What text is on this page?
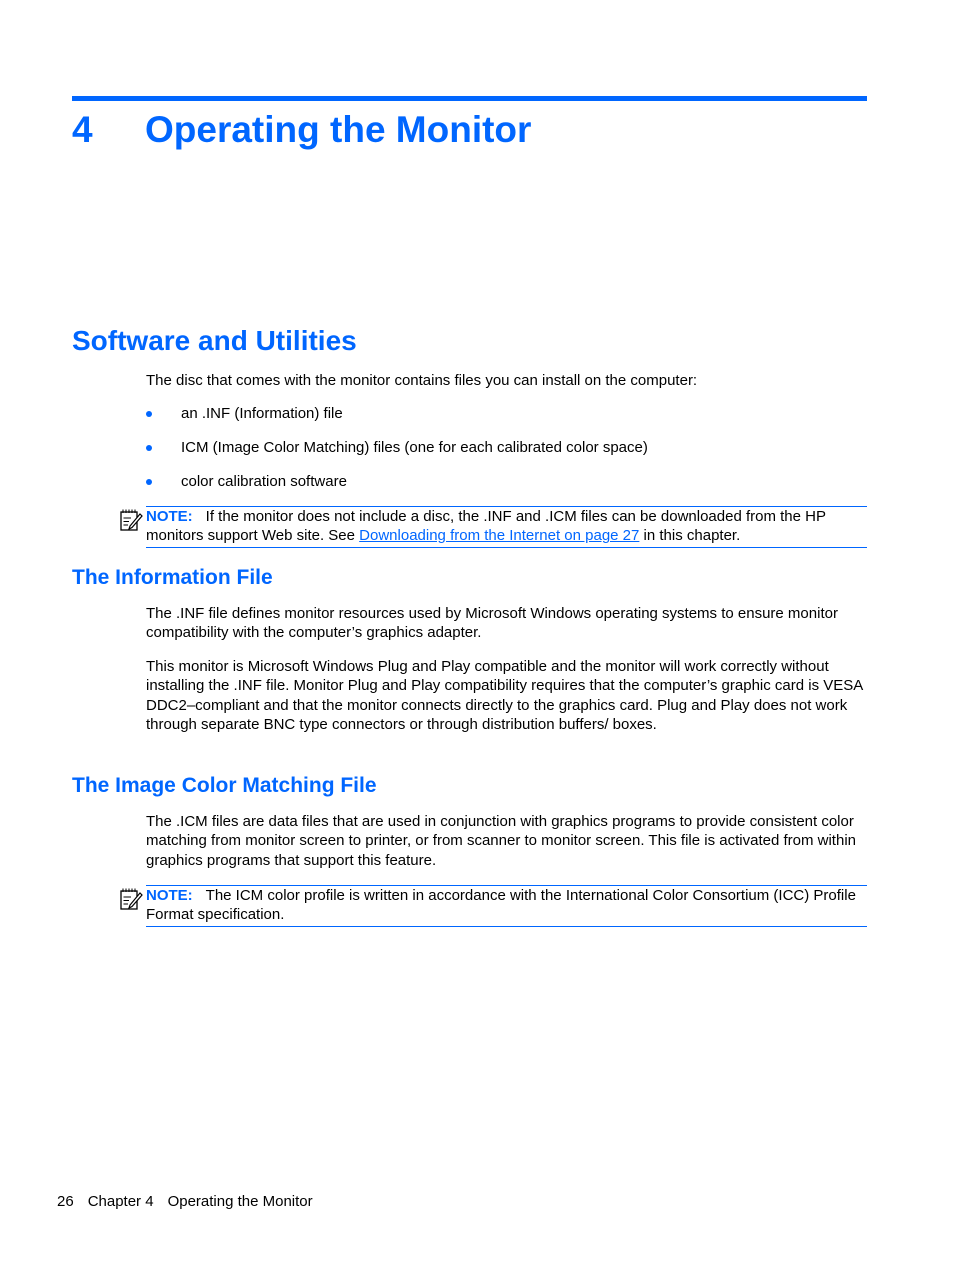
4 Operating the Monitor
Software and Utilities

The disc that comes with the monitor contains files you can install on the computer:

an .INF (Information) file
ICM (Image Color Matching) files (one for each calibrated color space)
color calibration software
NOTE: If the monitor does not include a disc, the .INF and .ICM files can be downloaded from the HP monitors support Web site. See Downloading from the Internet on page 27 in this chapter.
The Information File

The .INF file defines monitor resources used by Microsoft Windows operating systems to ensure monitor compatibility with the computer’s graphics adapter.

This monitor is Microsoft Windows Plug and Play compatible and the monitor will work correctly without installing the .INF file. Monitor Plug and Play compatibility requires that the computer’s graphic card is VESA DDC2–compliant and that the monitor connects directly to the graphics card. Plug and Play does not work through separate BNC type connectors or through distribution buffers/ boxes.

The Image Color Matching File

The .ICM files are data files that are used in conjunction with graphics programs to provide consistent color matching from monitor screen to printer, or from scanner to monitor screen. This file is activated from within graphics programs that support this feature.

NOTE: The ICM color profile is written in accordance with the International Color Consortium (ICC) Profile Format specification.
26 Chapter 4 Operating the Monitor
